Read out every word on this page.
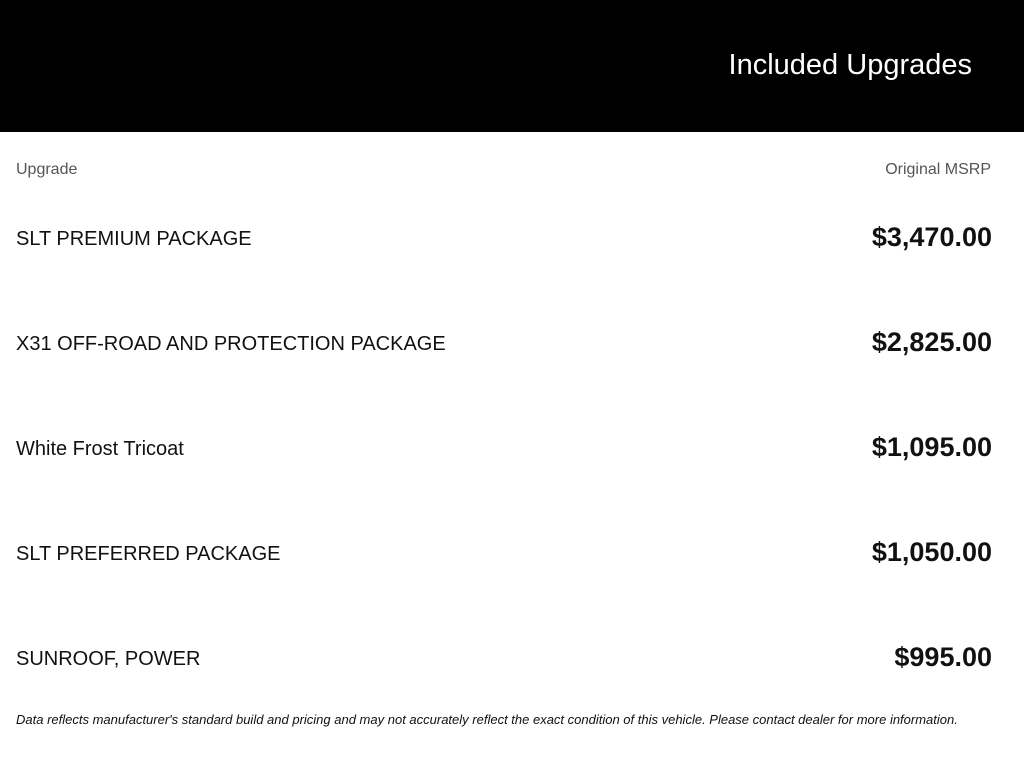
Included Upgrades
Upgrade	Original MSRP
SLT PREMIUM PACKAGE	$3,470.00
X31 OFF-ROAD AND PROTECTION PACKAGE	$2,825.00
White Frost Tricoat	$1,095.00
SLT PREFERRED PACKAGE	$1,050.00
SUNROOF, POWER	$995.00
Data reflects manufacturer's standard build and pricing and may not accurately reflect the exact condition of this vehicle. Please contact dealer for more information.
